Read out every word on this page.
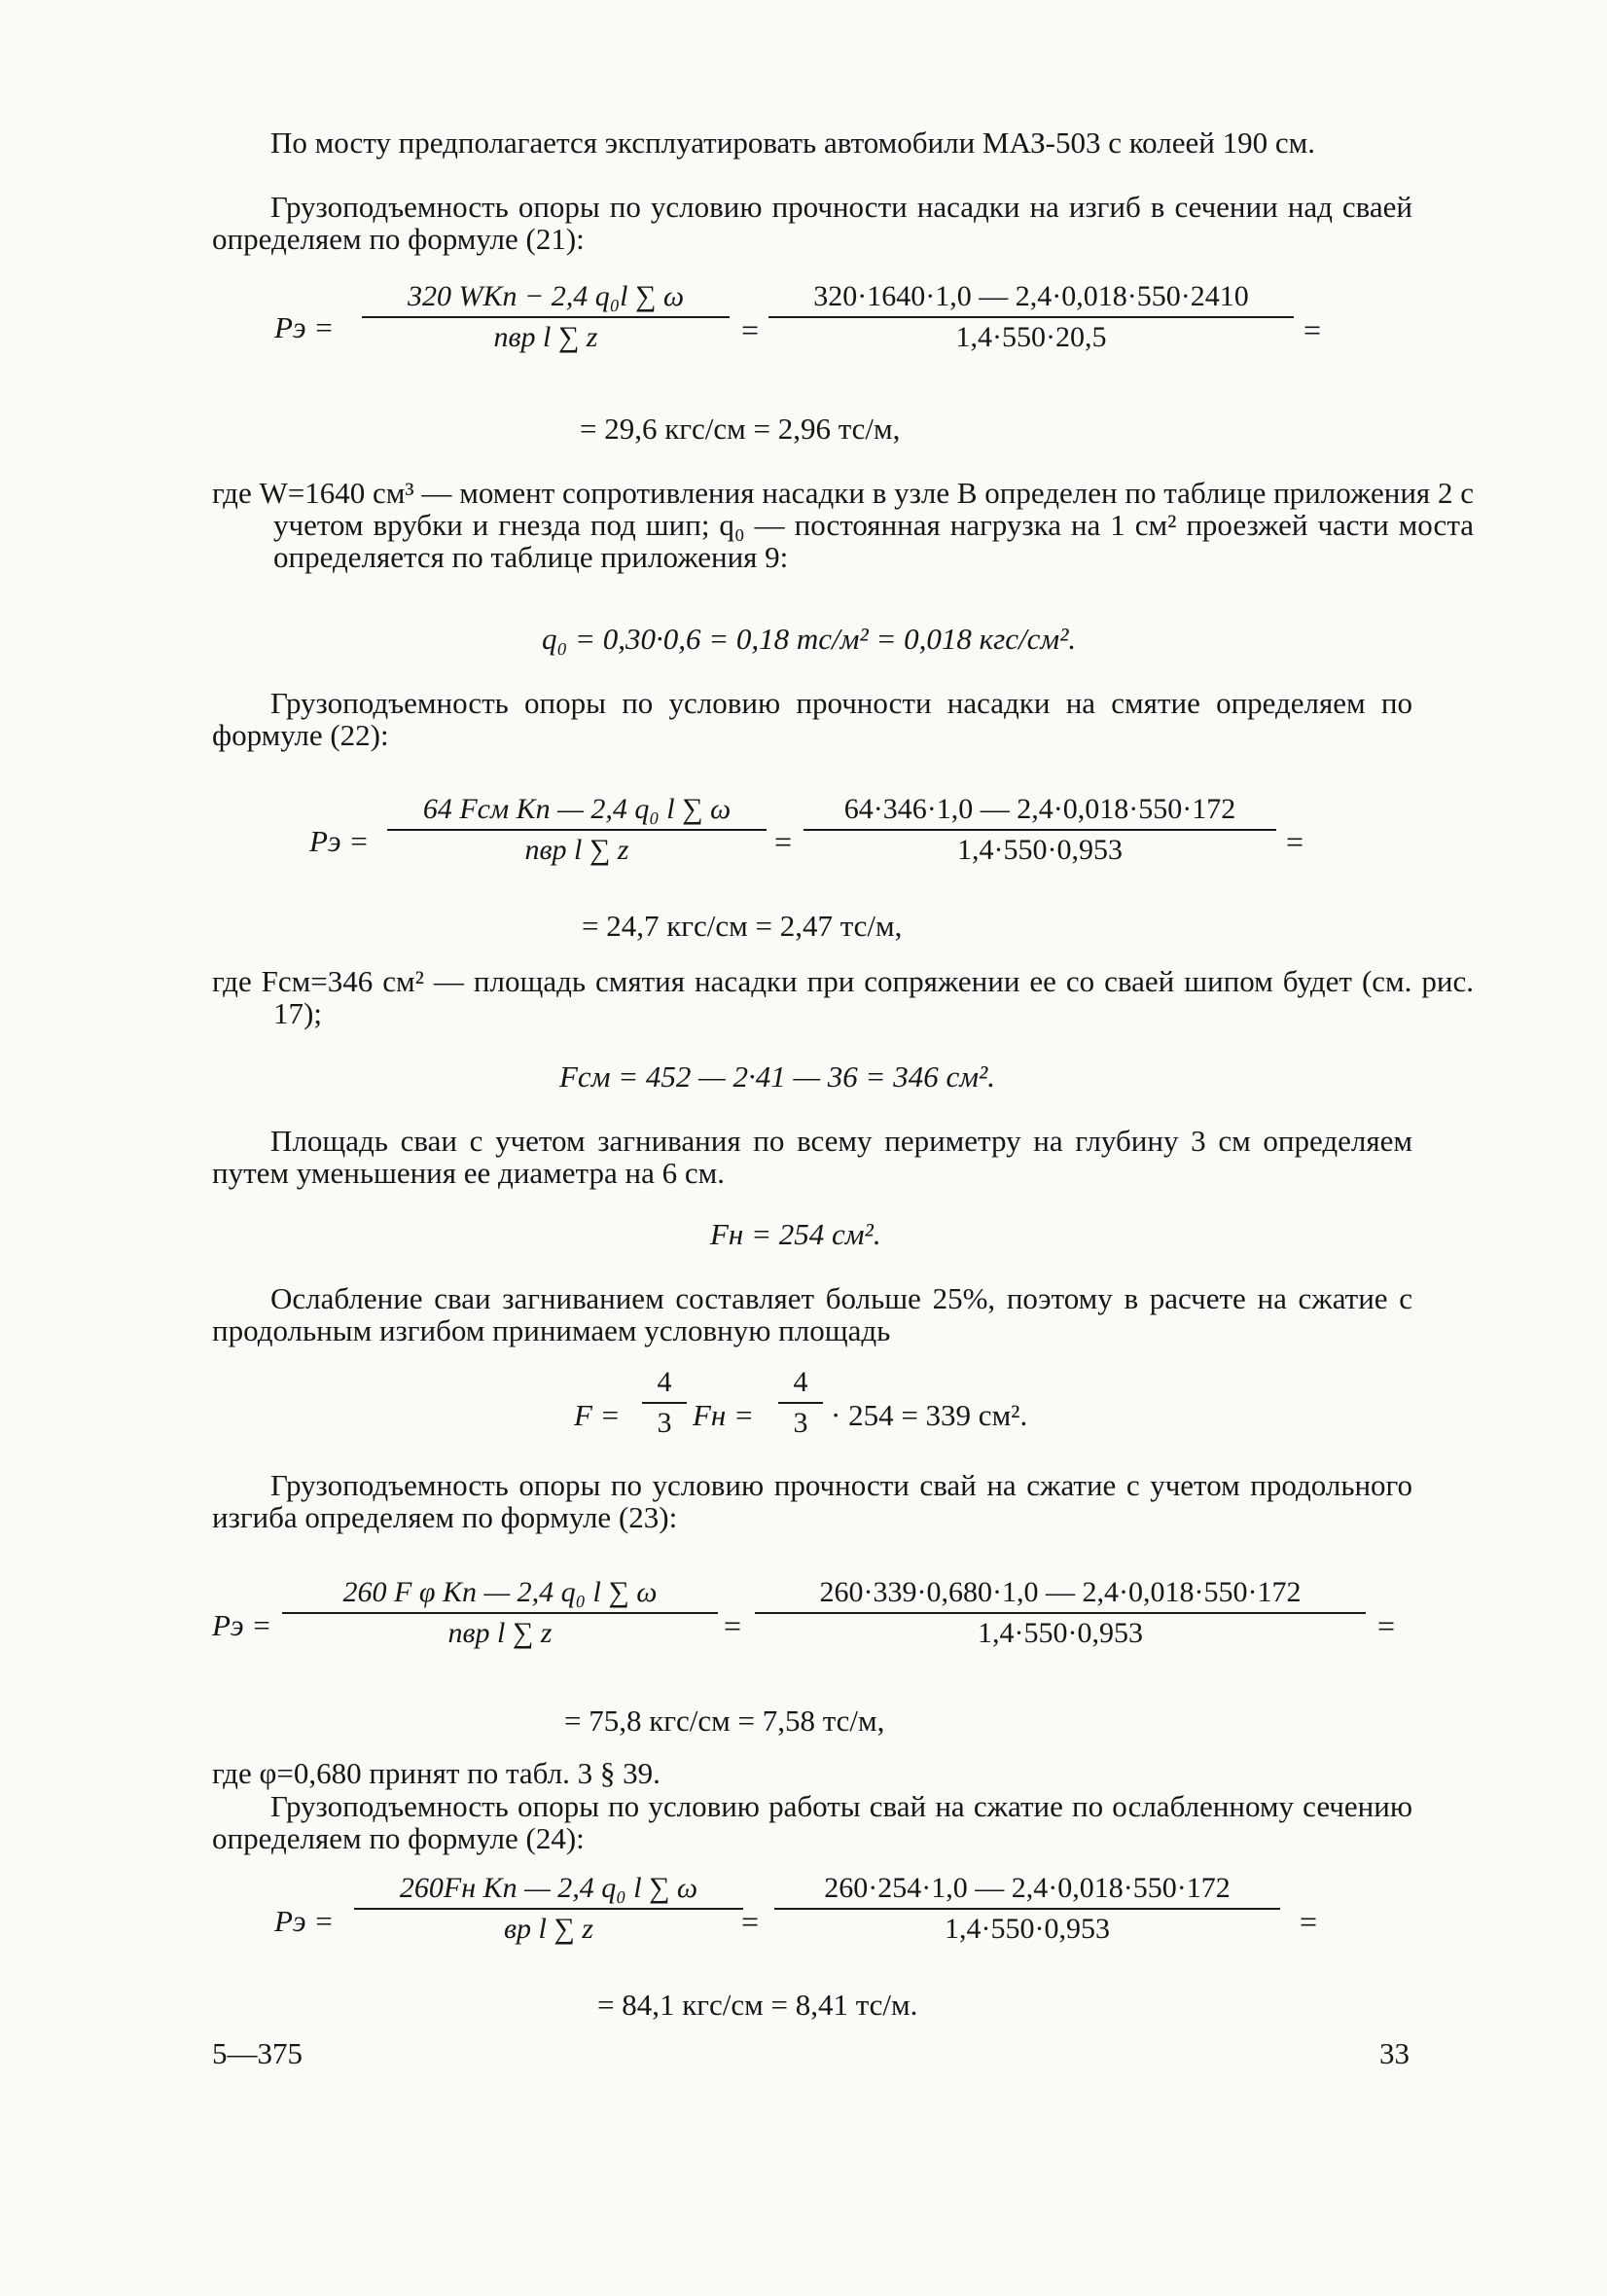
По мосту предполагается эксплуатировать автомобили МАЗ-503 с колеей 190 см.

Грузоподъемность опоры по условию прочности насадки на изгиб в сечении над сваей определяем по формуле (21):

Pэ =
320 WKп − 2,4 q₀l ∑ ω
nвр l ∑ z	= $\frac{320\cdot 1640\cdot 1,0 — 2,4\cdot 0,018\cdot 550\cdot 2410}{1,4\cdot 550\cdot 20,5}$ =
= 29,6 кгс/см = 2,96 тс/м,

где W=1640 см³ — момент сопротивления насадки в узле B определен по таблице приложения 2 с учетом врубки и гнезда под шип; q₀ — постоянная нагрузка на 1 см² проезжей части моста определяется по таблице приложения 9:

q₀ = 0,30·0,6 = 0,18 тс/м² = 0,018 кгс/см².

Грузоподъемность опоры по условию прочности насадки на смятие определяем по формуле (22):

Pэ =
64 Fсм Kп — 2,4 q₀ l ∑ ω
nвр l ∑ z	= $\frac{64\cdot 346\cdot 1,0 — 2,4\cdot 0,018\cdot 550\cdot 172}{1,4\cdot 550\cdot 0,953}$ =
= 24,7 кгс/см = 2,47 тс/м,

где Fсм=346 см² — площадь смятия насадки при сопряжении ее со сваей шипом будет (см. рис. 17);

Fсм = 452 — 2·41 — 36 = 346 см².

Площадь сваи с учетом загнивания по всему периметру на глубину 3 см определяем путем уменьшения ее диаметра на 6 см.

Fн = 254 см².

Ослабление сваи загниванием составляет больше 25%, поэтому в расчете на сжатие с продольным изгибом принимаем условную площадь

$F = \frac{4}{3}$ Fн = $\frac{4}{3} \cdot 254 = 339$ см².

Грузоподъемность опоры по условию прочности свай на сжатие с учетом продольного изгиба определяем по формуле (23):

Pэ =
260 F φ Kп — 2,4 q₀ l ∑ ω
nвр l ∑ z	= $\frac{260\cdot 339\cdot 0,680\cdot 1,0 — 2,4\cdot 0,018\cdot 550\cdot 172}{1,4\cdot 550\cdot 0,953}$ =
= 75,8 кгс/см = 7,58 тс/м,

где φ=0,680 принят по табл. 3 § 39.

Грузоподъемность опоры по условию работы свай на сжатие по ослабленному сечению определяем по формуле (24):

Pэ =
260Fн Kп — 2,4 q₀ l ∑ ω
вр l ∑ z	= $\frac{260\cdot 254\cdot 1,0 — 2,4\cdot 0,018\cdot 550\cdot 172}{1,4\cdot 550\cdot 0,953}$ =
= 84,1 кгс/см = 8,41 тс/м.
5—375	33
